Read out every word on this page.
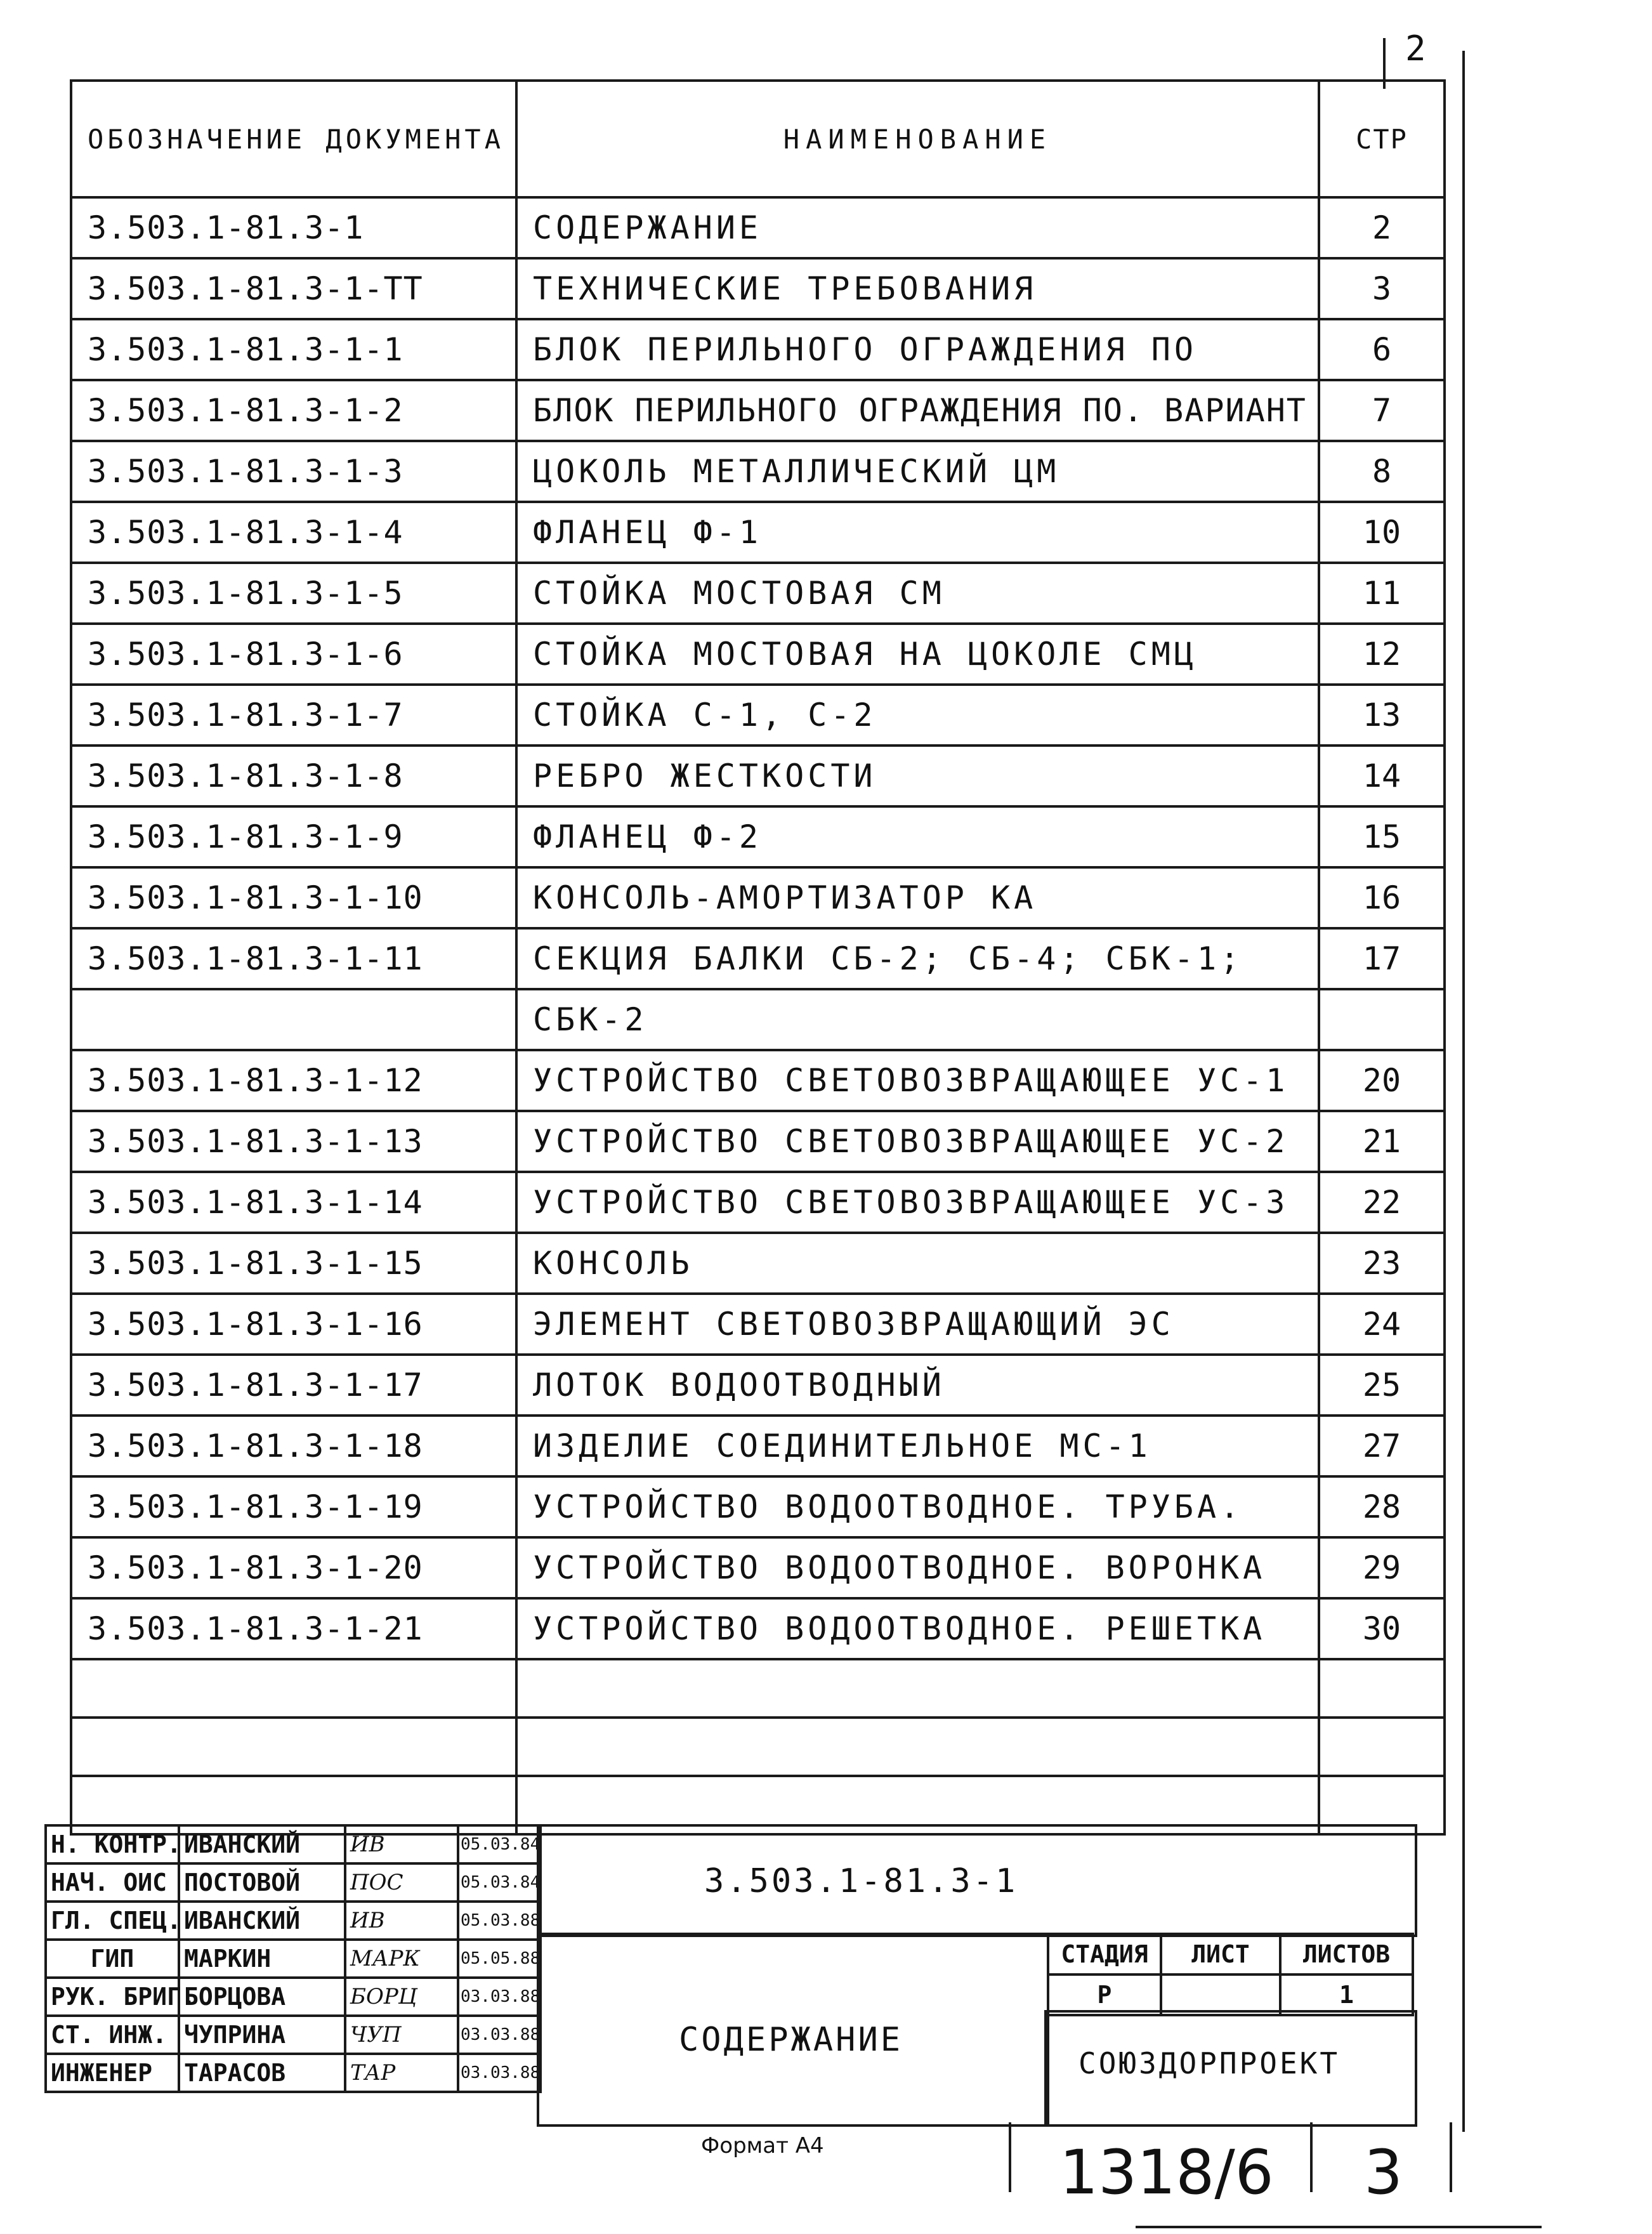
2
ОБОЗНАЧЕНИЕ ДОКУМЕНТА	НАИМЕНОВАНИЕ	СТР
3.503.1-81.3-1	СОДЕРЖАНИЕ	2
3.503.1-81.3-1-ТТ	ТЕХНИЧЕСКИЕ ТРЕБОВАНИЯ	3
3.503.1-81.3-1-1	БЛОК ПЕРИЛЬНОГО ОГРАЖДЕНИЯ ПО	6
3.503.1-81.3-1-2	БЛОК ПЕРИЛЬНОГО ОГРАЖДЕНИЯ ПО. ВАРИАНТ	7
3.503.1-81.3-1-3	ЦОКОЛЬ МЕТАЛЛИЧЕСКИЙ ЦМ	8
3.503.1-81.3-1-4	ФЛАНЕЦ Ф-1	10
3.503.1-81.3-1-5	СТОЙКА МОСТОВАЯ СМ	11
3.503.1-81.3-1-6	СТОЙКА МОСТОВАЯ НА ЦОКОЛЕ СМЦ	12
3.503.1-81.3-1-7	СТОЙКА С-1, С-2	13
3.503.1-81.3-1-8	РЕБРО ЖЕСТКОСТИ	14
3.503.1-81.3-1-9	ФЛАНЕЦ Ф-2	15
3.503.1-81.3-1-10	КОНСОЛЬ-АМОРТИЗАТОР КА	16
3.503.1-81.3-1-11	СЕКЦИЯ БАЛКИ СБ-2; СБ-4; СБК-1;	17
	СБК-2	
3.503.1-81.3-1-12	УСТРОЙСТВО СВЕТОВОЗВРАЩАЮЩЕЕ УС-1	20
3.503.1-81.3-1-13	УСТРОЙСТВО СВЕТОВОЗВРАЩАЮЩЕЕ УС-2	21
3.503.1-81.3-1-14	УСТРОЙСТВО СВЕТОВОЗВРАЩАЮЩЕЕ УС-3	22
3.503.1-81.3-1-15	КОНСОЛЬ	23
3.503.1-81.3-1-16	ЭЛЕМЕНТ СВЕТОВОЗВРАЩАЮЩИЙ ЭС	24
3.503.1-81.3-1-17	ЛОТОК ВОДООТВОДНЫЙ	25
3.503.1-81.3-1-18	ИЗДЕЛИЕ СОЕДИНИТЕЛЬНОЕ МС-1	27
3.503.1-81.3-1-19	УСТРОЙСТВО ВОДООТВОДНОЕ. ТРУБА.	28
3.503.1-81.3-1-20	УСТРОЙСТВО ВОДООТВОДНОЕ. ВОРОНКА	29
3.503.1-81.3-1-21	УСТРОЙСТВО ВОДООТВОДНОЕ. РЕШЕТКА	30

Н. КОНТР.	ИВАНСКИЙ	ИВ	05.03.84
НАЧ. ОИС	ПОСТОВОЙ	ПОС	05.03.84
ГЛ. СПЕЦ.	ИВАНСКИЙ	ИВ	05.03.88
ГИП	МАРКИН	МАРК	05.05.88
РУК. БРИГ.	БОРЦОВА	БОРЦ	03.03.88
СТ. ИНЖ.	ЧУПРИНА	ЧУП	03.03.88
ИНЖЕНЕР	ТАРАСОВ	ТАР	03.03.88
3.503.1-81.3-1
СОДЕРЖАНИЕ
СТАДИЯ	ЛИСТ	ЛИСТОВ
Р		1
СОЮЗДОРПРОЕКТ
Формат А4	1318/6 3
